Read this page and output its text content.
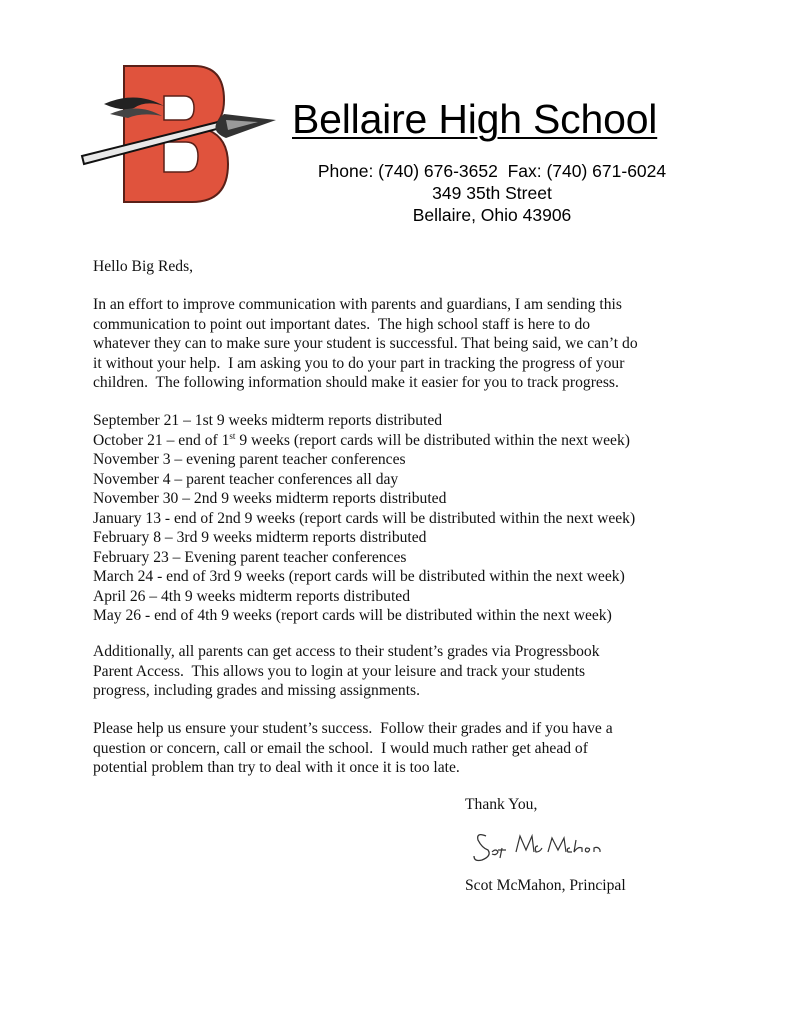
Bellaire High School
Phone: (740) 676-3652  Fax: (740) 671-6024
349 35th Street
Bellaire, Ohio 43906
Hello Big Reds,
In an effort to improve communication with parents and guardians, I am sending this
communication to point out important dates.  The high school staff is here to do
whatever they can to make sure your student is successful. That being said, we can’t do
it without your help.  I am asking you to do your part in tracking the progress of your
children.  The following information should make it easier for you to track progress.
September 21 – 1st 9 weeks midterm reports distributed
October 21 – end of 1st 9 weeks (report cards will be distributed within the next week)
November 3 – evening parent teacher conferences
November 4 – parent teacher conferences all day
November 30 – 2nd 9 weeks midterm reports distributed
January 13 - end of 2nd 9 weeks (report cards will be distributed within the next week)
February 8 – 3rd 9 weeks midterm reports distributed
February 23 – Evening parent teacher conferences
March 24 - end of 3rd 9 weeks (report cards will be distributed within the next week)
April 26 – 4th 9 weeks midterm reports distributed
May 26 - end of 4th 9 weeks (report cards will be distributed within the next week)
Additionally, all parents can get access to their student’s grades via Progressbook
Parent Access.  This allows you to login at your leisure and track your students
progress, including grades and missing assignments.
Please help us ensure your student’s success.  Follow their grades and if you have a
question or concern, call or email the school.  I would much rather get ahead of
potential problem than try to deal with it once it is too late.
Thank You,
Scot McMahon, Principal
